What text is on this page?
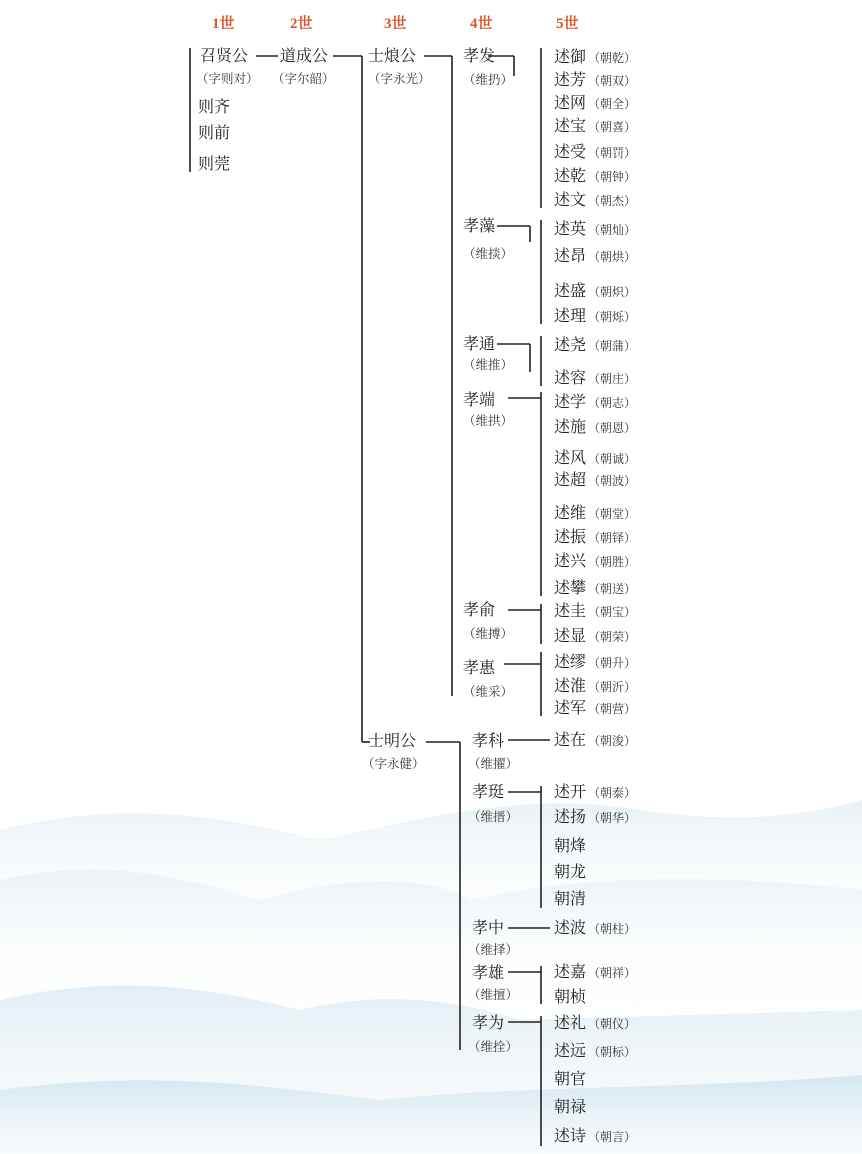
1世	2世	3世	4世	5世
召贤公
（字则对）
则齐
则前
则莞
道成公
（字尔韶）
士烺公
（字永光）
士明公
（字永健）
孝发
（维扔）
孝藻
（维掞）
孝通
（维推）
孝端
（维拱）
孝俞
（维搏）
孝惠
（维采）
孝科
（维擢）
孝珽
（维搢）
孝中
（维择）
孝雄
（维擅）
孝为
（维拴）
述御 （朝乾）
述芳 （朝双）
述网 （朝全）
述宝 （朝喜）
述受 （朝罚）
述乾 （朝钟）
述文 （朝杰）
述英 （朝灿）
述昂 （朝烘）
述盛 （朝炽）
述理 （朝烁）
述尧 （朝蒲）
述容 （朝庄）
述学 （朝志）
述施 （朝恩）
述风 （朝诚）
述超 （朝波）
述维 （朝堂）
述振 （朝铎）
述兴 （朝胜）
述攀 （朝送）
述圭 （朝宝）
述显 （朝荣）
述缪 （朝升）
述淮 （朝沂）
述军 （朝营）
述在 （朝浚）
述开 （朝泰）
述扬 （朝华）
朝烽
朝龙
朝清
述波 （朝柱）
述嘉 （朝祥）
朝桢
述礼 （朝仪）
述远 （朝标）
朝官
朝禄
述诗 （朝言）
